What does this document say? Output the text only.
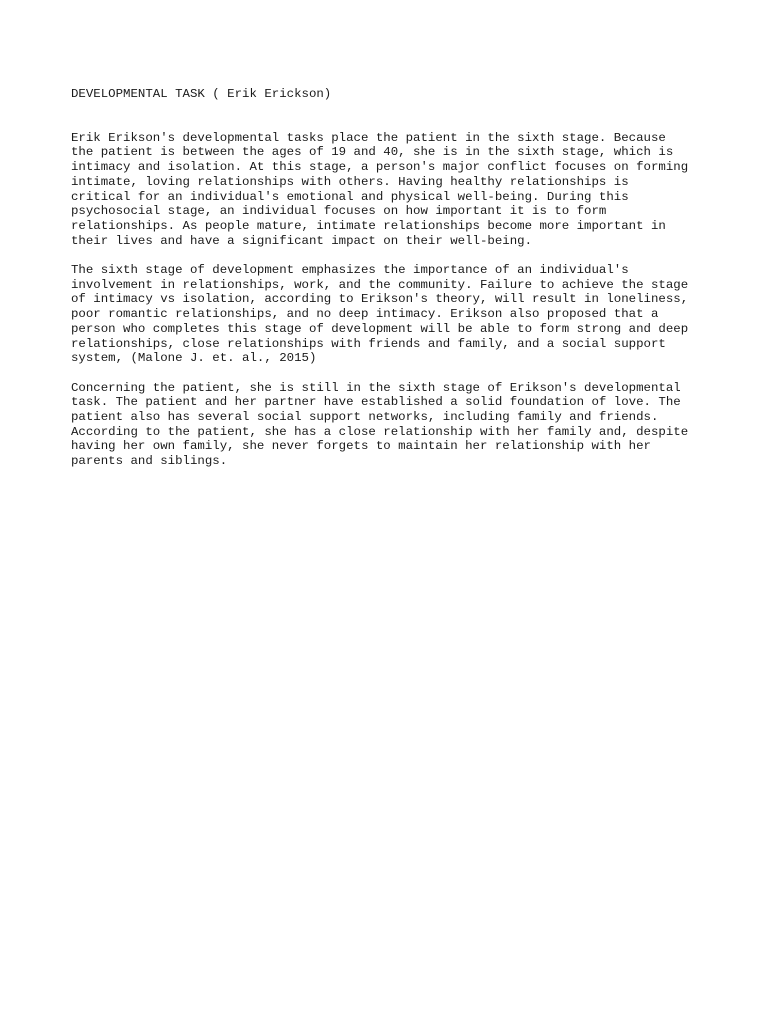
DEVELOPMENTAL TASK ( Erik Erickson)
Erik Erikson's developmental tasks place the patient in the sixth stage. Because
the patient is between the ages of 19 and 40, she is in the sixth stage, which is
intimacy and isolation. At this stage, a person's major conflict focuses on forming
intimate, loving relationships with others. Having healthy relationships is
critical for an individual's emotional and physical well-being. During this
psychosocial stage, an individual focuses on how important it is to form
relationships. As people mature, intimate relationships become more important in
their lives and have a significant impact on their well-being.
The sixth stage of development emphasizes the importance of an individual's
involvement in relationships, work, and the community. Failure to achieve the stage
of intimacy vs isolation, according to Erikson's theory, will result in loneliness,
poor romantic relationships, and no deep intimacy. Erikson also proposed that a
person who completes this stage of development will be able to form strong and deep
relationships, close relationships with friends and family, and a social support
system, (Malone J. et. al., 2015)
Concerning the patient, she is still in the sixth stage of Erikson's developmental
task. The patient and her partner have established a solid foundation of love. The
patient also has several social support networks, including family and friends.
According to the patient, she has a close relationship with her family and, despite
having her own family, she never forgets to maintain her relationship with her
parents and siblings.
